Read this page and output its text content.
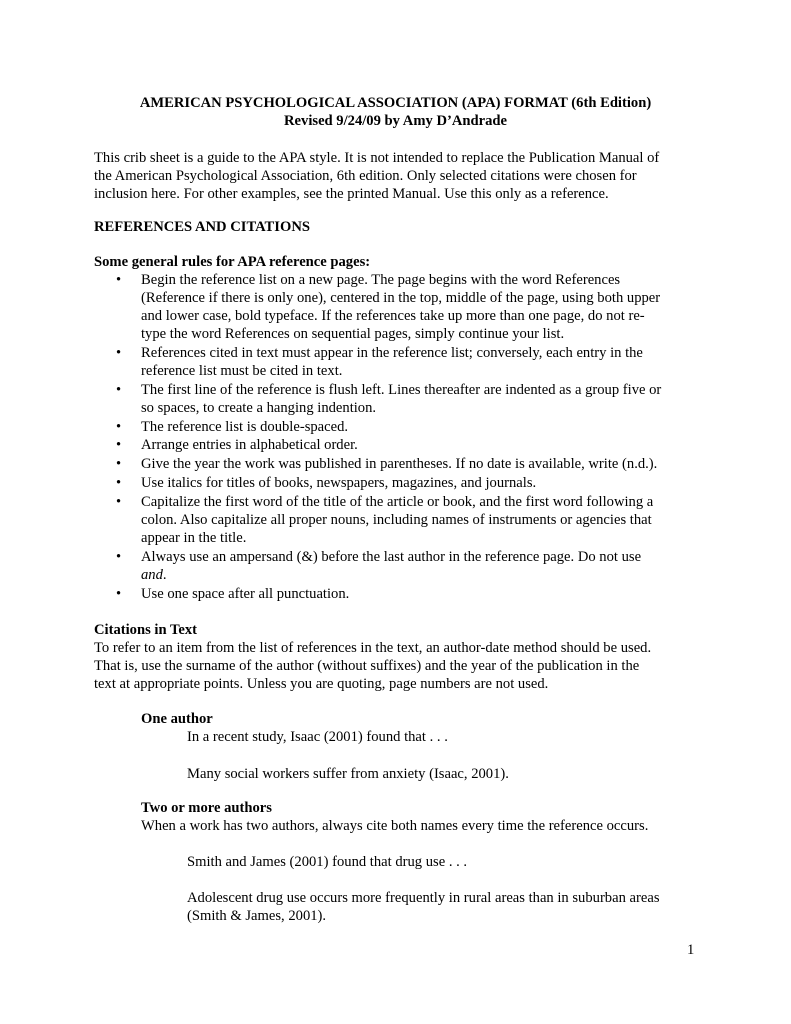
AMERICAN PSYCHOLOGICAL ASSOCIATION (APA) FORMAT (6th Edition)
Revised 9/24/09 by Amy D’Andrade
This crib sheet is a guide to the APA style. It is not intended to replace the Publication Manual of
the American Psychological Association, 6th edition. Only selected citations were chosen for
inclusion here. For other examples, see the printed Manual. Use this only as a reference.
REFERENCES AND CITATIONS
Some general rules for APA reference pages:
• Begin the reference list on a new page. The page begins with the word References
(Reference if there is only one), centered in the top, middle of the page, using both upper
and lower case, bold typeface. If the references take up more than one page, do not re-
type the word References on sequential pages, simply continue your list.
• References cited in text must appear in the reference list; conversely, each entry in the
reference list must be cited in text.
• The first line of the reference is flush left. Lines thereafter are indented as a group five or
so spaces, to create a hanging indention.
• The reference list is double-spaced.
• Arrange entries in alphabetical order.
• Give the year the work was published in parentheses. If no date is available, write (n.d.).
• Use italics for titles of books, newspapers, magazines, and journals.
• Capitalize the first word of the title of the article or book, and the first word following a
colon. Also capitalize all proper nouns, including names of instruments or agencies that
appear in the title.
• Always use an ampersand (&) before the last author in the reference page. Do not use
and.
• Use one space after all punctuation.
Citations in Text
To refer to an item from the list of references in the text, an author-date method should be used.
That is, use the surname of the author (without suffixes) and the year of the publication in the
text at appropriate points. Unless you are quoting, page numbers are not used.
One author
In a recent study, Isaac (2001) found that . . .
Many social workers suffer from anxiety (Isaac, 2001).
Two or more authors
When a work has two authors, always cite both names every time the reference occurs.
Smith and James (2001) found that drug use . . .
Adolescent drug use occurs more frequently in rural areas than in suburban areas
(Smith & James, 2001).
1
